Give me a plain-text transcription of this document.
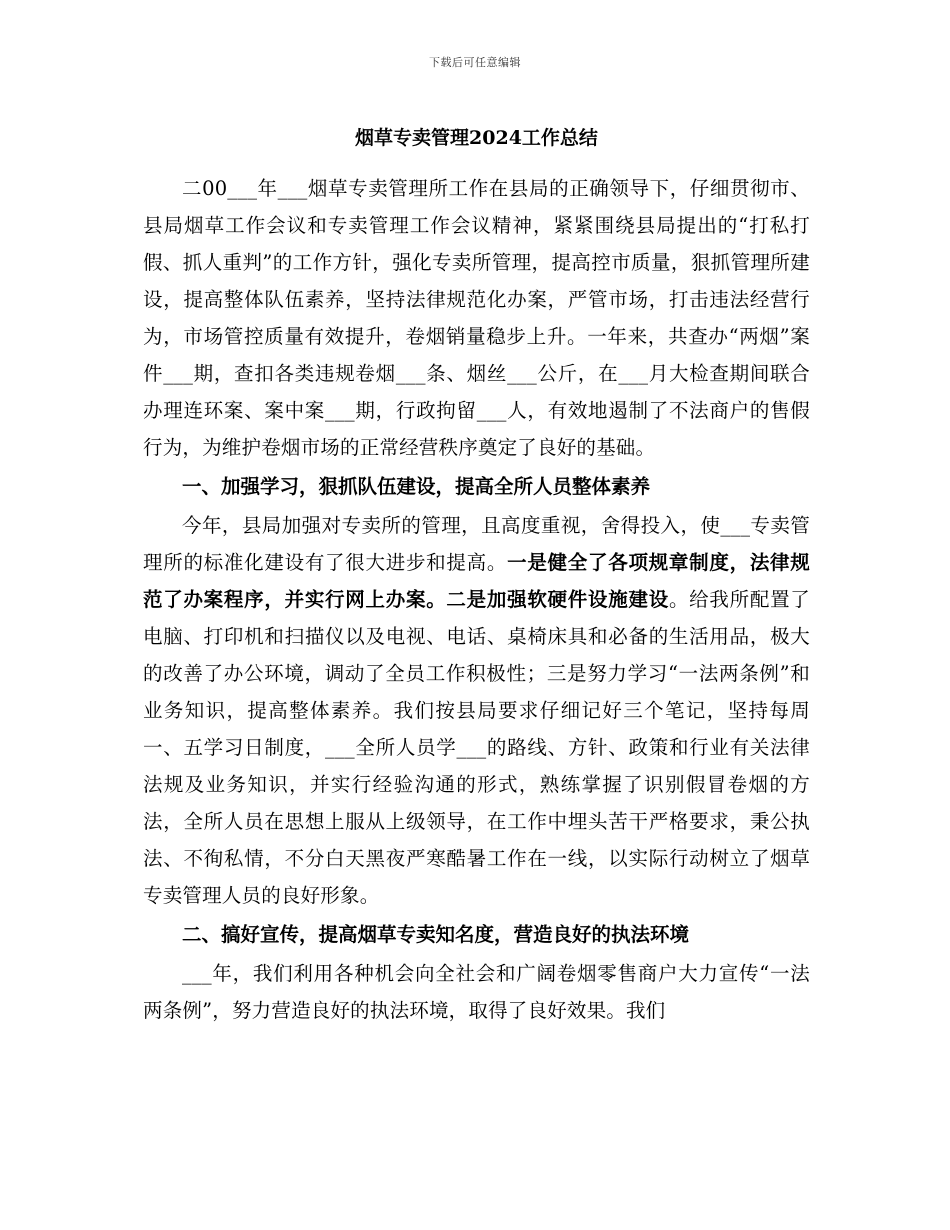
下载后可任意编辑
烟草专卖管理2024工作总结

二00___年___烟草专卖管理所工作在县局的正确领导下，仔细贯彻市、县局烟草工作会议和专卖管理工作会议精神，紧紧围绕县局提出的“打私打假、抓人重判”的工作方针，强化专卖所管理，提高控市质量，狠抓管理所建设，提高整体队伍素养，坚持法律规范化办案，严管市场，打击违法经营行为，市场管控质量有效提升，卷烟销量稳步上升。一年来，共查办“两烟”案件___期，查扣各类违规卷烟___条、烟丝___公斤，在___月大检查期间联合办理连环案、案中案___期，行政拘留___人，有效地遏制了不法商户的售假行为，为维护卷烟市场的正常经营秩序奠定了良好的基础。

一、加强学习，狠抓队伍建设，提高全所人员整体素养

今年，县局加强对专卖所的管理，且高度重视，舍得投入，使___专卖管理所的标准化建设有了很大进步和提高。一是健全了各项规章制度，法律规范了办案程序，并实行网上办案。二是加强软硬件设施建设。给我所配置了电脑、打印机和扫描仪以及电视、电话、桌椅床具和必备的生活用品，极大的改善了办公环境，调动了全员工作积极性；三是努力学习“一法两条例”和业务知识，提高整体素养。我们按县局要求仔细记好三个笔记，坚持每周一、五学习日制度，___全所人员学___的路线、方针、政策和行业有关法律法规及业务知识，并实行经验沟通的形式，熟练掌握了识别假冒卷烟的方法，全所人员在思想上服从上级领导，在工作中埋头苦干严格要求，秉公执法、不徇私情，不分白天黑夜严寒酷暑工作在一线，以实际行动树立了烟草专卖管理人员的良好形象。

二、搞好宣传，提高烟草专卖知名度，营造良好的执法环境

___年，我们利用各种机会向全社会和广阔卷烟零售商户大力宣传“一法两条例”，努力营造良好的执法环境，取得了良好效果。我们
